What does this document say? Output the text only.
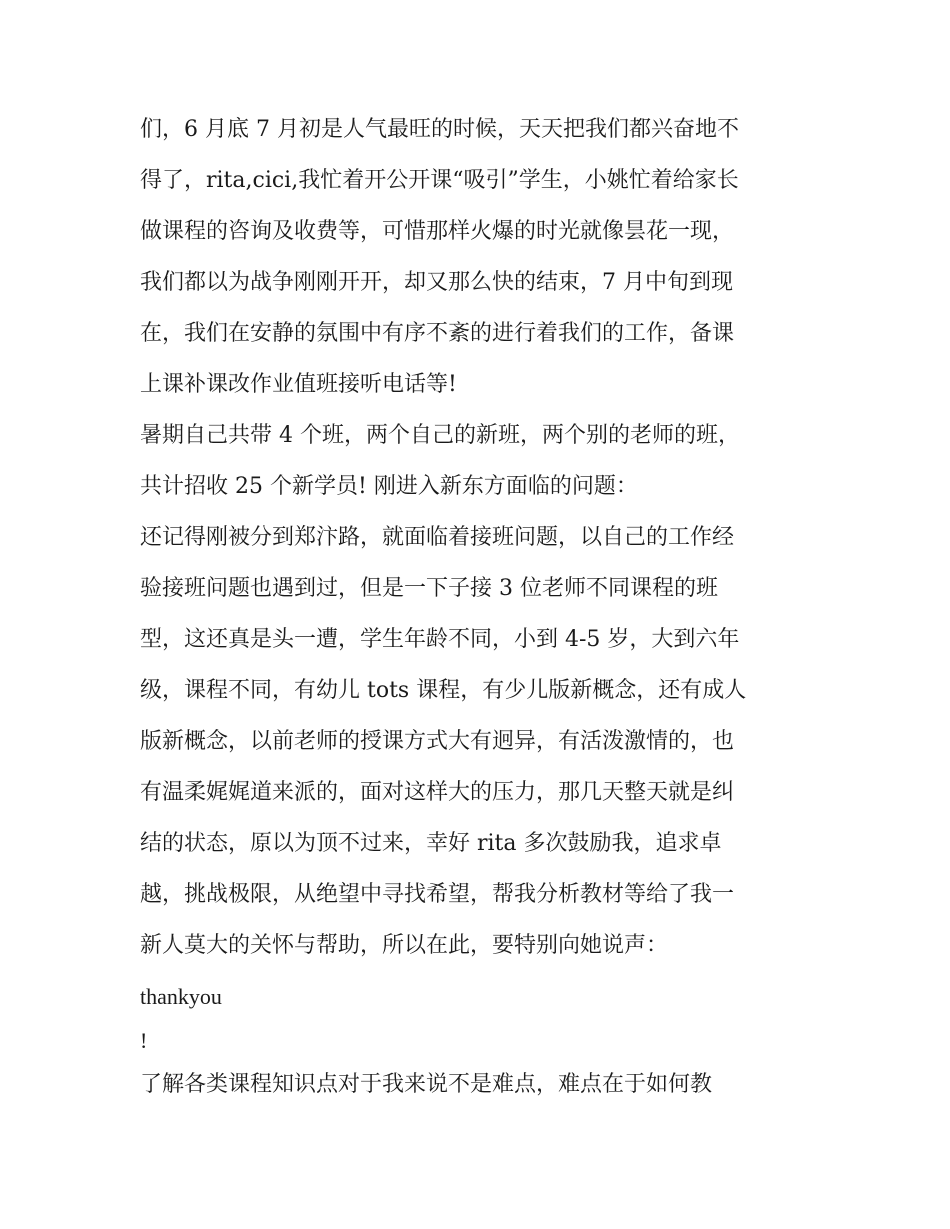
们，6 月底 7 月初是人气最旺的时候，天天把我们都兴奋地不
得了，rita,cici,我忙着开公开课“吸引”学生，小姚忙着给家长
做课程的咨询及收费等，可惜那样火爆的时光就像昙花一现，
我们都以为战争刚刚开开，却又那么快的结束，7 月中旬到现
在，我们在安静的氛围中有序不紊的进行着我们的工作，备课
上课补课改作业值班接听电话等!
暑期自己共带 4 个班，两个自己的新班，两个别的老师的班，
共计招收 25 个新学员! 刚进入新东方面临的问题：
还记得刚被分到郑汴路，就面临着接班问题，以自己的工作经
验接班问题也遇到过，但是一下子接 3 位老师不同课程的班
型，这还真是头一遭，学生年龄不同，小到 4-5 岁，大到六年
级，课程不同，有幼儿 tots 课程，有少儿版新概念，还有成人
版新概念，以前老师的授课方式大有迥异，有活泼激情的，也
有温柔娓娓道来派的，面对这样大的压力，那几天整天就是纠
结的状态，原以为顶不过来，幸好 rita 多次鼓励我，追求卓
越，挑战极限，从绝望中寻找希望，帮我分析教材等给了我一
新人莫大的关怀与帮助，所以在此，要特别向她说声：
thankyou
!
了解各类课程知识点对于我来说不是难点，难点在于如何教
